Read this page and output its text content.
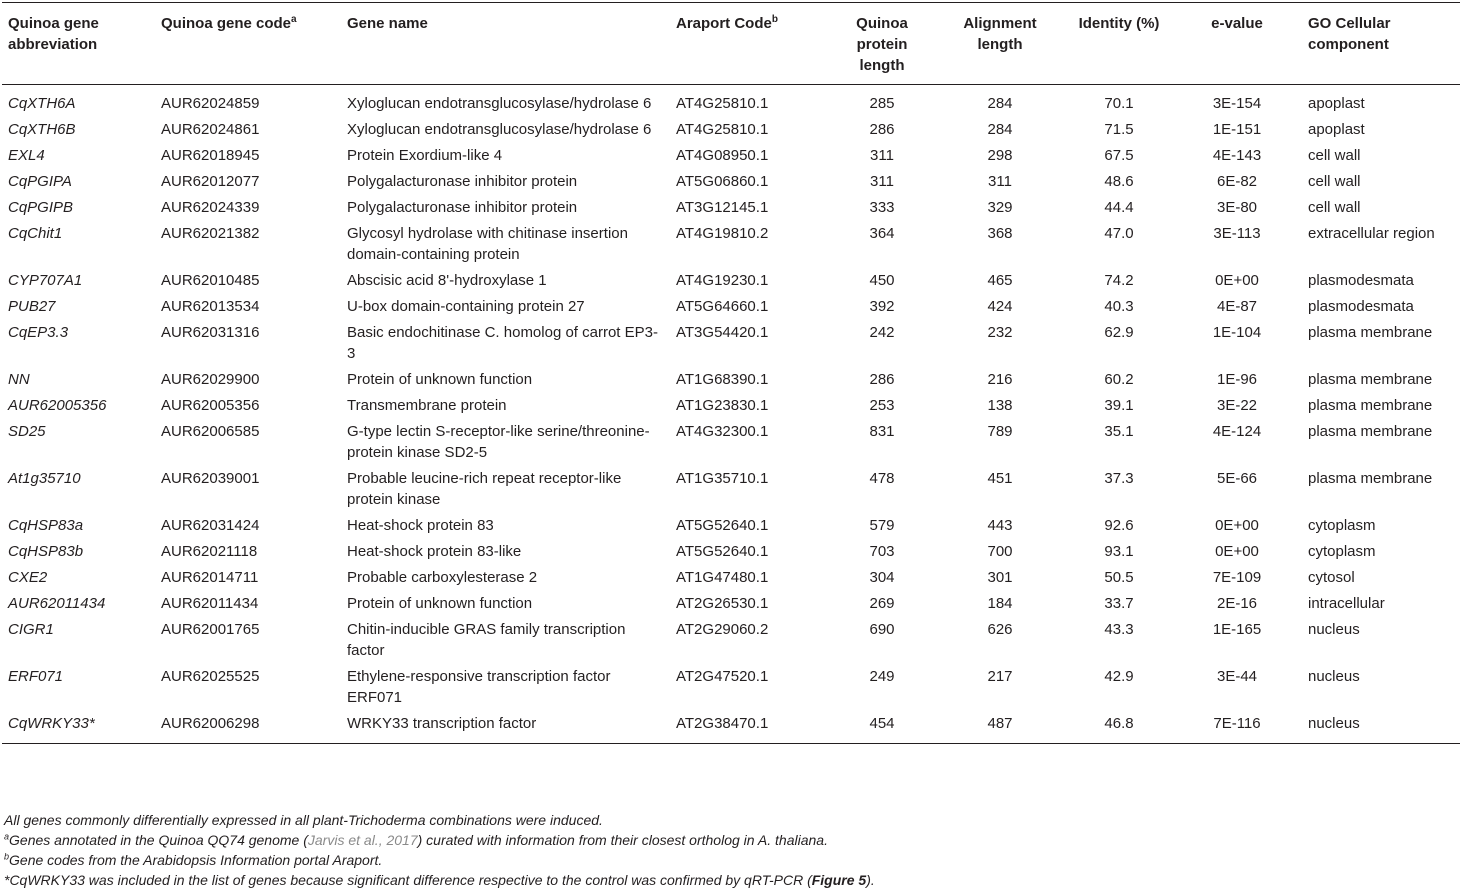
Quinoa gene abbreviation	Quinoa gene code$^a$	Gene name	Araport Code$^b$	Quinoa protein length	Alignment length	Identity (%)	e-value	GO Cellular component
CqXTH6A	AUR62024859	Xyloglucan endotransglucosylase/hydrolase 6	AT4G25810.1	285	284	70.1	3E-154	apoplast
CqXTH6B	AUR62024861	Xyloglucan endotransglucosylase/hydrolase 6	AT4G25810.1	286	284	71.5	1E-151	apoplast
EXL4	AUR62018945	Protein Exordium-like 4	AT4G08950.1	311	298	67.5	4E-143	cell wall
CqPGIPA	AUR62012077	Polygalacturonase inhibitor protein	AT5G06860.1	311	311	48.6	6E-82	cell wall
CqPGIPB	AUR62024339	Polygalacturonase inhibitor protein	AT3G12145.1	333	329	44.4	3E-80	cell wall
CqChit1	AUR62021382	Glycosyl hydrolase with chitinase insertion domain-containing protein	AT4G19810.2	364	368	47.0	3E-113	extracellular region
CYP707A1	AUR62010485	Abscisic acid 8'-hydroxylase 1	AT4G19230.1	450	465	74.2	0E+00	plasmodesmata
PUB27	AUR62013534	U-box domain-containing protein 27	AT5G64660.1	392	424	40.3	4E-87	plasmodesmata
CqEP3.3	AUR62031316	Basic endochitinase C. homolog of carrot EP3-3	AT3G54420.1	242	232	62.9	1E-104	plasma membrane
NN	AUR62029900	Protein of unknown function	AT1G68390.1	286	216	60.2	1E-96	plasma membrane
AUR62005356	AUR62005356	Transmembrane protein	AT1G23830.1	253	138	39.1	3E-22	plasma membrane
SD25	AUR62006585	G-type lectin S-receptor-like serine/threonine-protein kinase SD2-5	AT4G32300.1	831	789	35.1	4E-124	plasma membrane
At1g35710	AUR62039001	Probable leucine-rich repeat receptor-like protein kinase	AT1G35710.1	478	451	37.3	5E-66	plasma membrane
CqHSP83a	AUR62031424	Heat-shock protein 83	AT5G52640.1	579	443	92.6	0E+00	cytoplasm
CqHSP83b	AUR62021118	Heat-shock protein 83-like	AT5G52640.1	703	700	93.1	0E+00	cytoplasm
CXE2	AUR62014711	Probable carboxylesterase 2	AT1G47480.1	304	301	50.5	7E-109	cytosol
AUR62011434	AUR62011434	Protein of unknown function	AT2G26530.1	269	184	33.7	2E-16	intracellular
CIGR1	AUR62001765	Chitin-inducible GRAS family transcription factor	AT2G29060.2	690	626	43.3	1E-165	nucleus
ERF071	AUR62025525	Ethylene-responsive transcription factor ERF071	AT2G47520.1	249	217	42.9	3E-44	nucleus
CqWRKY33*	AUR62006298	WRKY33 transcription factor	AT2G38470.1	454	487	46.8	7E-116	nucleus
All genes commonly differentially expressed in all plant-Trichoderma combinations were induced.
$^a$Genes annotated in the Quinoa QQ74 genome (Jarvis et al., 2017) curated with information from their closest ortholog in A. thaliana.
$^b$Gene codes from the Arabidopsis Information portal Araport.
*CqWRKY33 was included in the list of genes because significant difference respective to the control was confirmed by qRT-PCR (Figure 5).
